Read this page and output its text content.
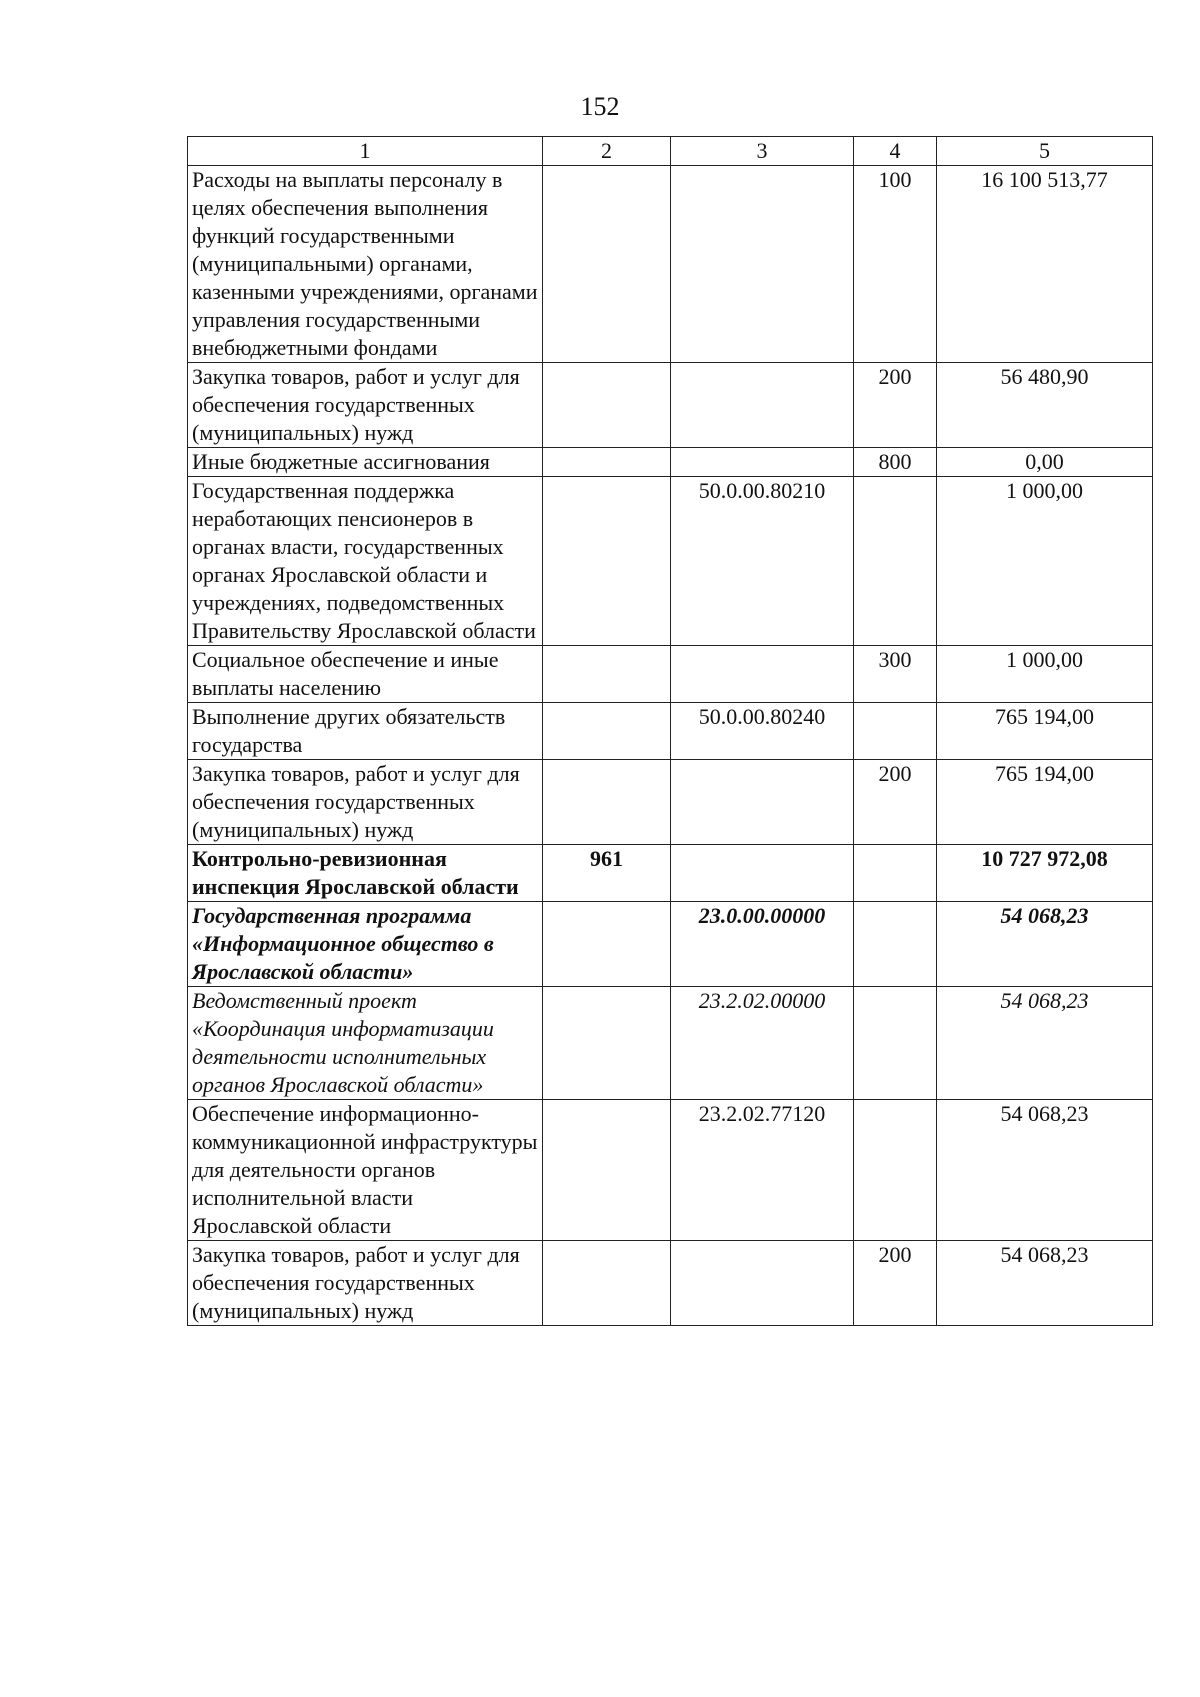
152
1	2	3	4	5
Расходы на выплаты персоналу в целях обеспечения выполнения функций государственными (муниципальными) органами, казенными учреждениями, органами управления государственными внебюджетными фондами			100	16 100 513,77
Закупка товаров, работ и услуг для обеспечения государственных (муниципальных) нужд			200	56 480,90
Иные бюджетные ассигнования			800	0,00
Государственная поддержка неработающих пенсионеров в органах власти, государственных органах Ярославской области и учреждениях, подведомственных Правительству Ярославской области		50.0.00.80210		1 000,00
Социальное обеспечение и иные выплаты населению			300	1 000,00
Выполнение других обязательств государства		50.0.00.80240		765 194,00
Закупка товаров, работ и услуг для обеспечения государственных (муниципальных) нужд			200	765 194,00
Контрольно-ревизионная инспекция Ярославской области	961			10 727 972,08
Государственная программа «Информационное общество в Ярославской области»		23.0.00.00000		54 068,23
Ведомственный проект «Координация информатизации деятельности исполнительных органов Ярославской области»		23.2.02.00000		54 068,23
Обеспечение информационно-коммуникационной инфраструктуры для деятельности органов исполнительной власти Ярославской области		23.2.02.77120		54 068,23
Закупка товаров, работ и услуг для обеспечения государственных (муниципальных) нужд			200	54 068,23
